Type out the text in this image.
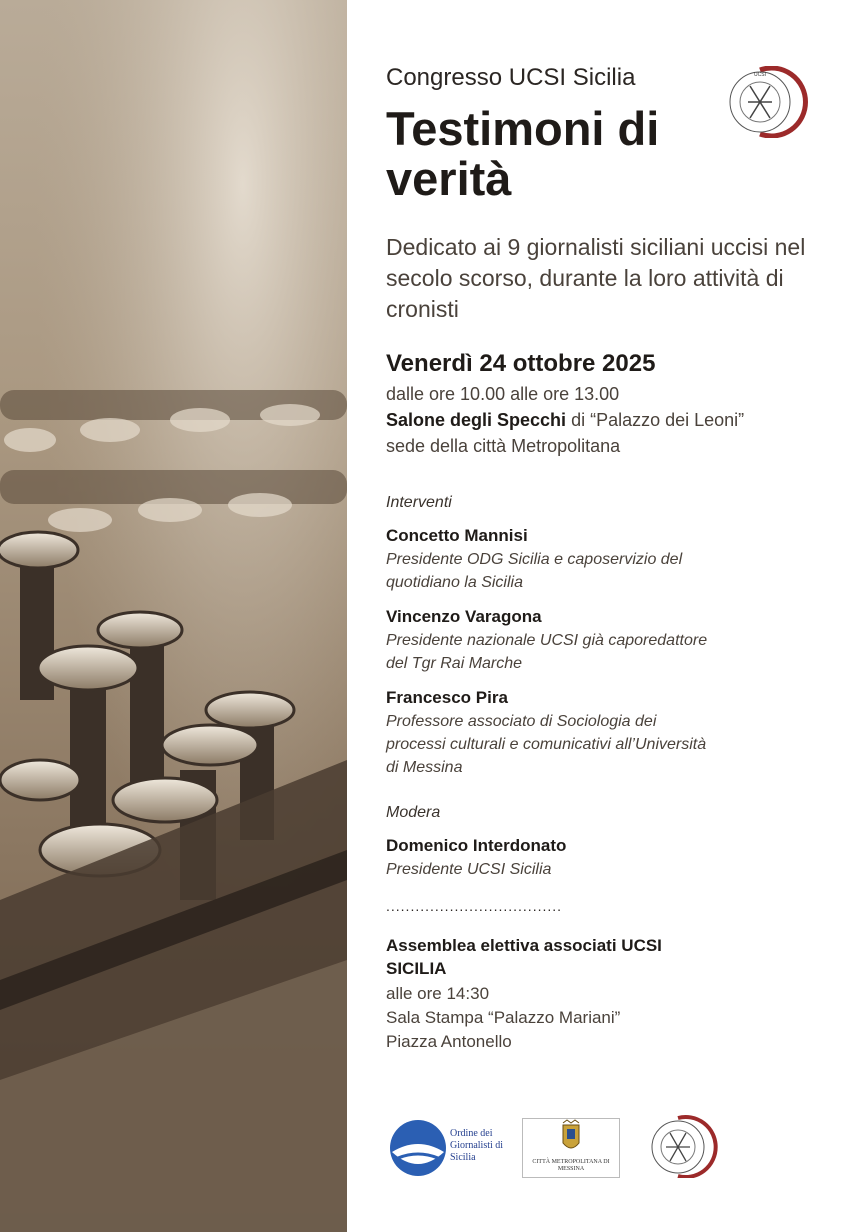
UCSI
Congresso UCSI Sicilia
Testimoni di verità
Dedicato ai 9 giornalisti siciliani uccisi nel secolo scorso, durante la loro attività di cronisti
Venerdì 24 ottobre 2025
dalle ore 10.00 alle ore 13.00
Salone degli Specchi di “Palazzo dei Leoni”
sede della città Metropolitana
Interventi
Concetto Mannisi
Presidente ODG Sicilia e caposervizio del quotidiano la Sicilia
Vincenzo Varagona
Presidente nazionale UCSI già caporedattore del Tgr Rai Marche
Francesco Pira
Professore associato di Sociologia dei processi culturali e comunicativi all’Università di Messina
Modera
Domenico Interdonato
Presidente UCSI Sicilia
....................................
Assemblea elettiva associati UCSI SICILIA
alle ore 14:30
Sala Stampa “Palazzo Mariani”
Piazza Antonello
Ordine dei Giornalisti di Sicilia	CITTÀ METROPOLITANA DI MESSINA
